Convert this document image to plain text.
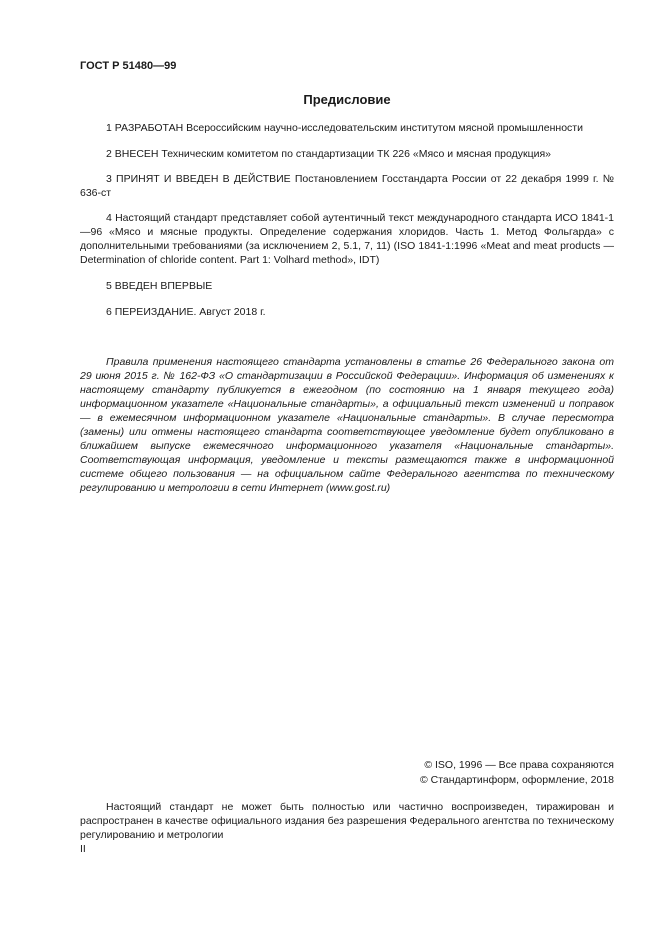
ГОСТ Р 51480—99
Предисловие
1 РАЗРАБОТАН Всероссийским научно-исследовательским институтом мясной промышленности
2 ВНЕСЕН Техническим комитетом по стандартизации ТК 226 «Мясо и мясная продукция»
3 ПРИНЯТ И ВВЕДЕН В ДЕЙСТВИЕ Постановлением Госстандарта России от 22 декабря 1999 г. № 636-ст
4 Настоящий стандарт представляет собой аутентичный текст международного стандарта ИСО 1841-1—96 «Мясо и мясные продукты. Определение содержания хлоридов. Часть 1. Метод Фольгарда» с дополнительными требованиями (за исключением 2, 5.1, 7, 11) (ISO 1841-1:1996 «Meat and meat products — Determination of chloride content. Part 1: Volhard method», IDT)
5 ВВЕДЕН ВПЕРВЫЕ
6 ПЕРЕИЗДАНИЕ. Август 2018 г.
Правила применения настоящего стандарта установлены в статье 26 Федерального закона от 29 июня 2015 г. № 162-ФЗ «О стандартизации в Российской Федерации». Информация об изменениях к настоящему стандарту публикуется в ежегодном (по состоянию на 1 января текущего года) информационном указателе «Национальные стандарты», а официальный текст изменений и поправок — в ежемесячном информационном указателе «Национальные стандарты». В случае пересмотра (замены) или отмены настоящего стандарта соответствующее уведомление будет опубликовано в ближайшем выпуске ежемесячного информационного указателя «Национальные стандарты». Соответствующая информация, уведомление и тексты размещаются также в информационной системе общего пользования — на официальном сайте Федерального агентства по техническому регулированию и метрологии в сети Интернет (www.gost.ru)
© ISO, 1996 — Все права сохраняются
© Стандартинформ, оформление, 2018
Настоящий стандарт не может быть полностью или частично воспроизведен, тиражирован и распространен в качестве официального издания без разрешения Федерального агентства по техническому регулированию и метрологии
II
